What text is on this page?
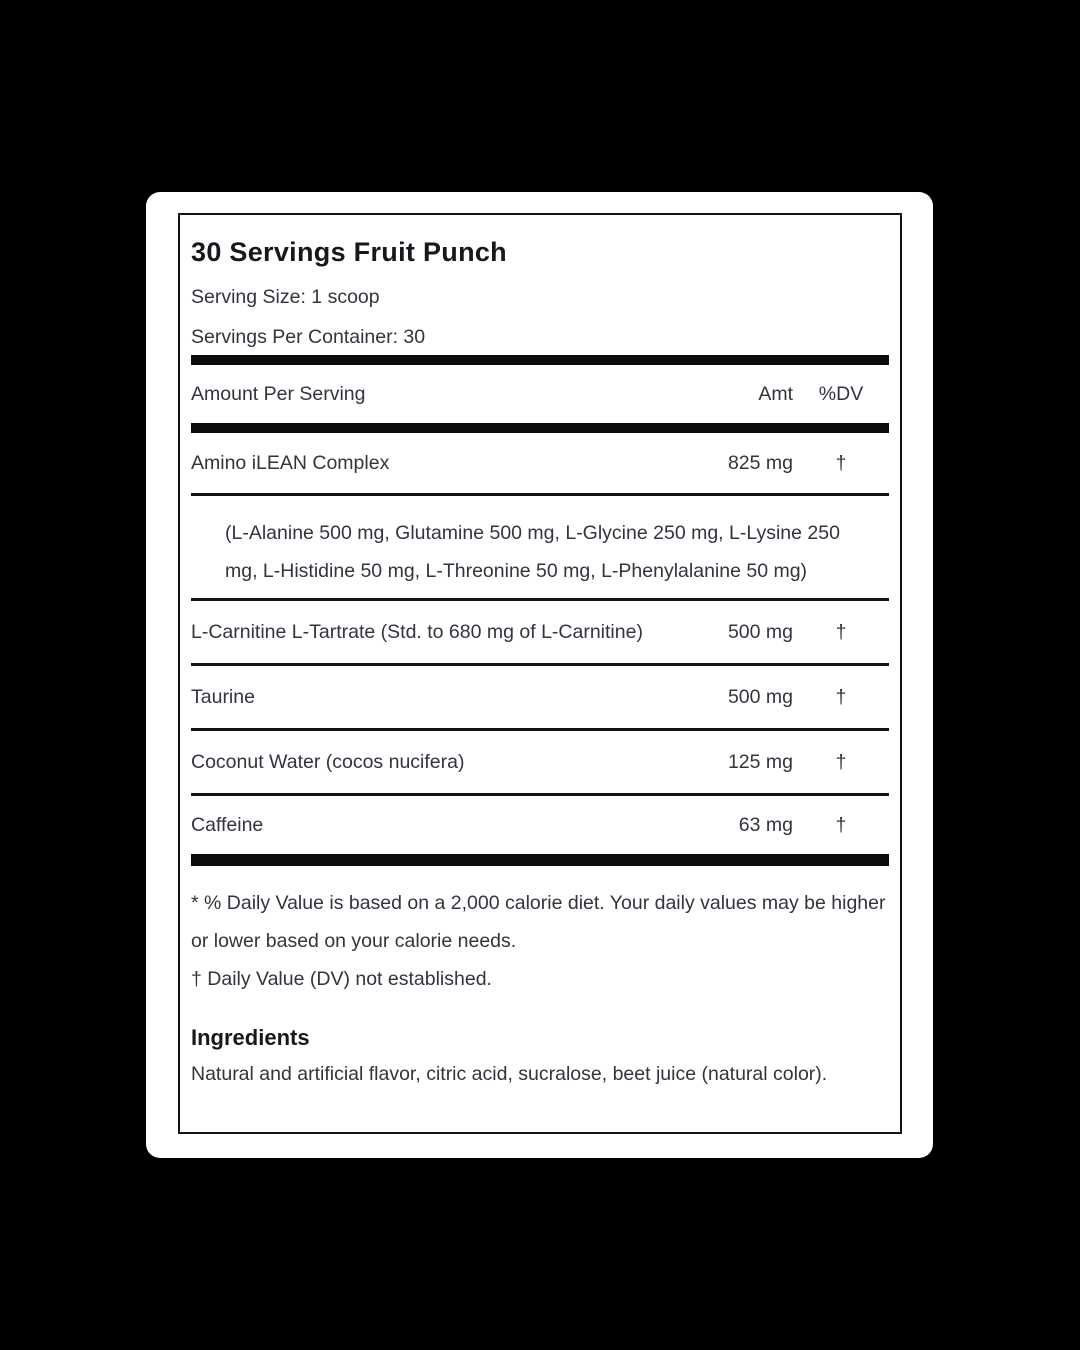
30 Servings Fruit Punch
Serving Size: 1 scoop
Servings Per Container: 30
Amount Per Serving	Amt	%DV
Amino iLEAN Complex	825 mg	†
(L-Alanine 500 mg, Glutamine 500 mg, L-Glycine 250 mg, L-Lysine 250 mg, L-Histidine 50 mg, L-Threonine 50 mg, L-Phenylalanine 50 mg)
L-Carnitine L-Tartrate (Std. to 680 mg of L-Carnitine)	500 mg	†
Taurine	500 mg	†
Coconut Water (cocos nucifera)	125 mg	†
Caffeine	63 mg	†
* % Daily Value is based on a 2,000 calorie diet. Your daily values may be higher or lower based on your calorie needs.
† Daily Value (DV) not established.
Ingredients
Natural and artificial flavor, citric acid, sucralose, beet juice (natural color).
